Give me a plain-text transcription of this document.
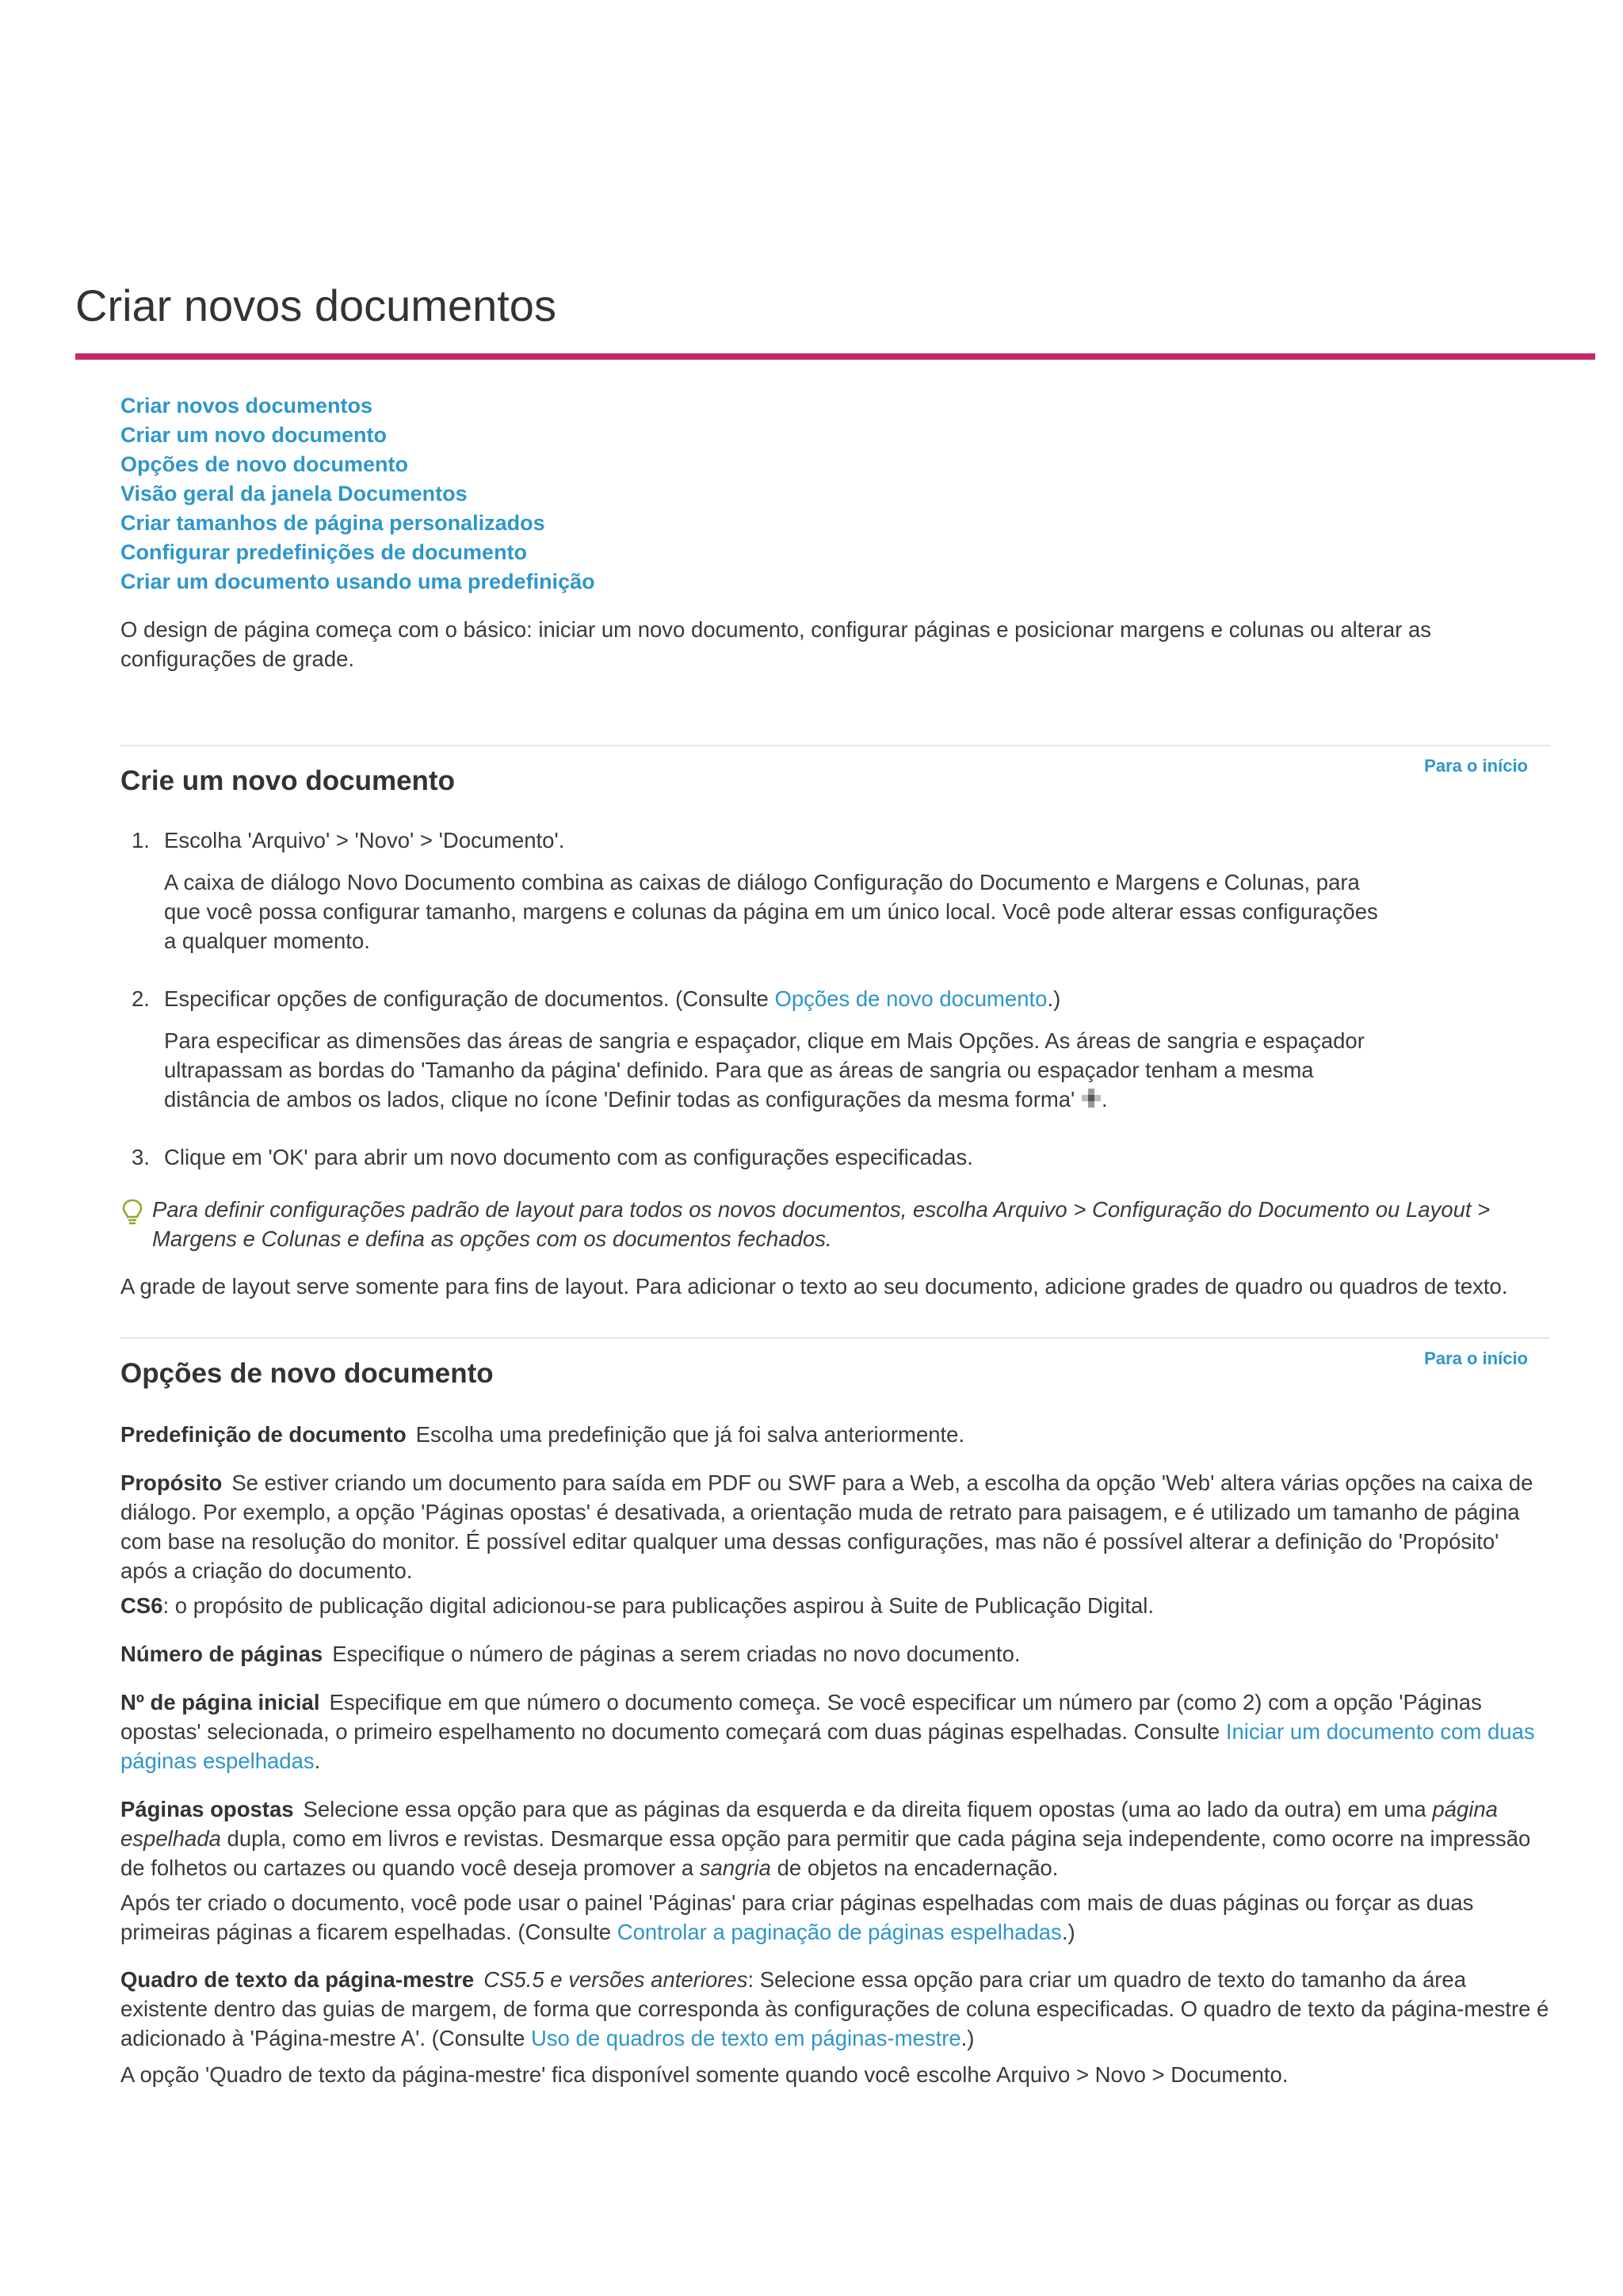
Criar novos documentos
Criar novos documentos
Criar um novo documento
Opções de novo documento
Visão geral da janela Documentos
Criar tamanhos de página personalizados
Configurar predefinições de documento
Criar um documento usando uma predefinição

O design de página começa com o básico: iniciar um novo documento, configurar páginas e posicionar margens e colunas ou alterar as configurações de grade.

Para o início
Crie um novo documento
1. Escolha 'Arquivo' > 'Novo' > 'Documento'.

A caixa de diálogo Novo Documento combina as caixas de diálogo Configuração do Documento e Margens e Colunas, para que você possa configurar tamanho, margens e colunas da página em um único local. Você pode alterar essas configurações a qualquer momento.

2. Especificar opções de configuração de documentos. (Consulte Opções de novo documento.)

Para especificar as dimensões das áreas de sangria e espaçador, clique em Mais Opções. As áreas de sangria e espaçador ultrapassam as bordas do 'Tamanho da página' definido. Para que as áreas de sangria ou espaçador tenham a mesma distância de ambos os lados, clique no ícone 'Definir todas as configurações da mesma forma' .

3. Clique em 'OK' para abrir um novo documento com as configurações especificadas.
Para definir configurações padrão de layout para todos os novos documentos, escolha Arquivo > Configuração do Documento ou Layout > Margens e Colunas e defina as opções com os documentos fechados.

A grade de layout serve somente para fins de layout. Para adicionar o texto ao seu documento, adicione grades de quadro ou quadros de texto.

Para o início
Opções de novo documento

Predefinição de documento Escolha uma predefinição que já foi salva anteriormente.

Propósito Se estiver criando um documento para saída em PDF ou SWF para a Web, a escolha da opção 'Web' altera várias opções na caixa de diálogo. Por exemplo, a opção 'Páginas opostas' é desativada, a orientação muda de retrato para paisagem, e é utilizado um tamanho de página com base na resolução do monitor. É possível editar qualquer uma dessas configurações, mas não é possível alterar a definição do 'Propósito' após a criação do documento.

CS6: o propósito de publicação digital adicionou-se para publicações aspirou à Suite de Publicação Digital.

Número de páginas Especifique o número de páginas a serem criadas no novo documento.

Nº de página inicial Especifique em que número o documento começa. Se você especificar um número par (como 2) com a opção 'Páginas opostas' selecionada, o primeiro espelhamento no documento começará com duas páginas espelhadas. Consulte Iniciar um documento com duas páginas espelhadas.

Páginas opostas Selecione essa opção para que as páginas da esquerda e da direita fiquem opostas (uma ao lado da outra) em uma página espelhada dupla, como em livros e revistas. Desmarque essa opção para permitir que cada página seja independente, como ocorre na impressão de folhetos ou cartazes ou quando você deseja promover a sangria de objetos na encadernação.

Após ter criado o documento, você pode usar o painel 'Páginas' para criar páginas espelhadas com mais de duas páginas ou forçar as duas primeiras páginas a ficarem espelhadas. (Consulte Controlar a paginação de páginas espelhadas.)

Quadro de texto da página-mestre CS5.5 e versões anteriores: Selecione essa opção para criar um quadro de texto do tamanho da área existente dentro das guias de margem, de forma que corresponda às configurações de coluna especificadas. O quadro de texto da página-mestre é adicionado à 'Página-mestre A'. (Consulte Uso de quadros de texto em páginas-mestre.)

A opção 'Quadro de texto da página-mestre' fica disponível somente quando você escolhe Arquivo > Novo > Documento.
